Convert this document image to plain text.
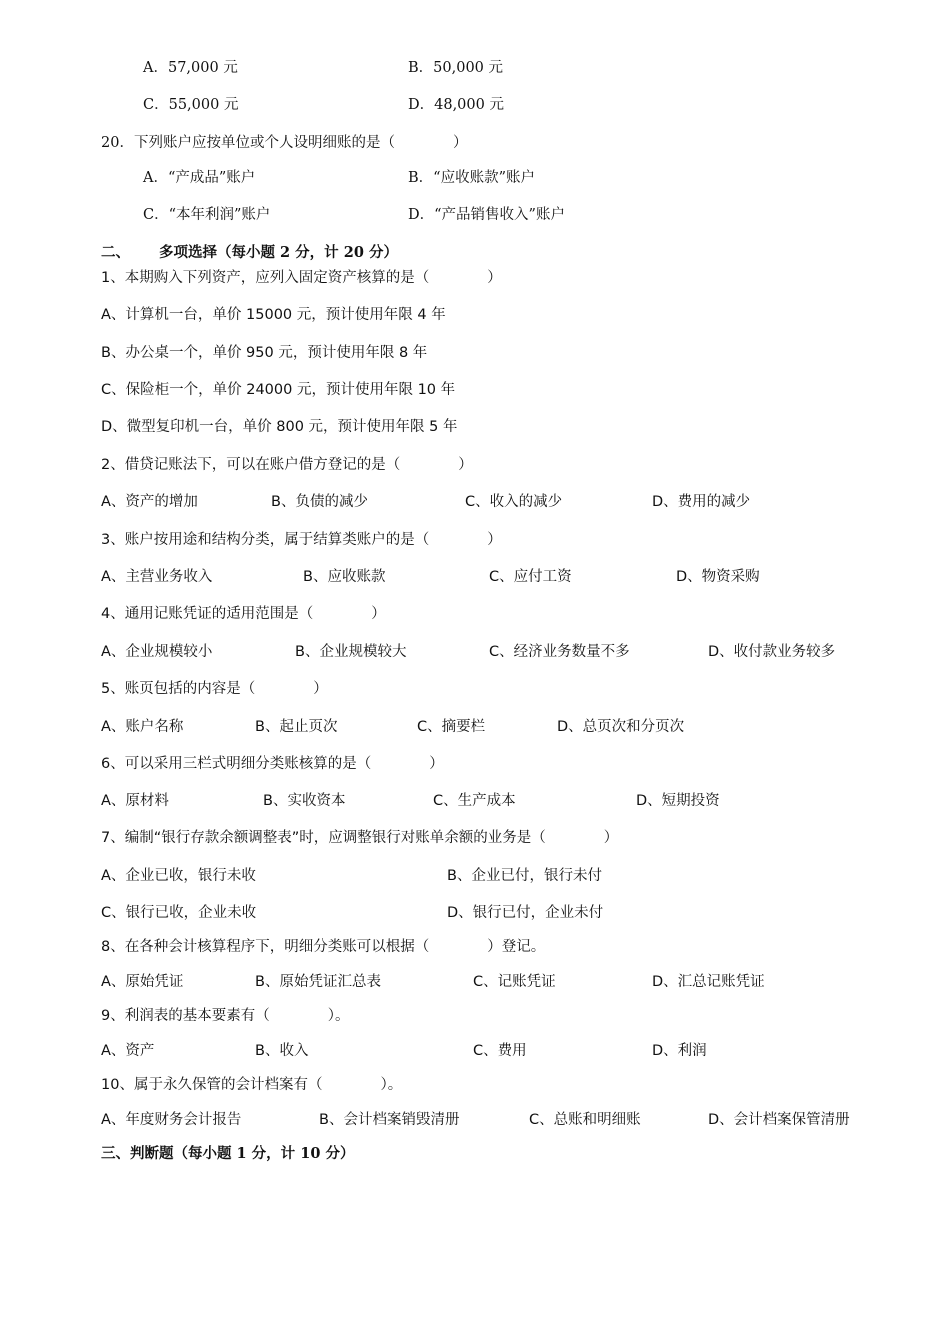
A．57,000 元	B．50,000 元
C．55,000 元	D．48,000 元
20．下列账户应按单位或个人设明细账的是（　　　　）
A．“产成品”账户	B．“应收账款”账户
C．“本年利润”账户	D．“产品销售收入”账户
二、 多项选择（每小题 2 分，计 20 分）
1、本期购入下列资产，应列入固定资产核算的是（　　　　）
A、计算机一台，单价 15000 元，预计使用年限 4 年
B、办公桌一个，单价 950 元，预计使用年限 8 年
C、保险柜一个，单价 24000 元，预计使用年限 10 年
D、微型复印机一台，单价 800 元，预计使用年限 5 年
2、借贷记账法下，可以在账户借方登记的是（　　　　）
A、资产的增加	B、负债的减少	C、收入的减少	D、费用的减少
3、账户按用途和结构分类，属于结算类账户的是（　　　　）
A、主营业务收入	B、应收账款	C、应付工资	D、物资采购
4、通用记账凭证的适用范围是（　　　　）
A、企业规模较小	B、企业规模较大	C、经济业务数量不多	D、收付款业务较多
5、账页包括的内容是（　　　　）
A、账户名称	B、起止页次	C、摘要栏	D、总页次和分页次
6、可以采用三栏式明细分类账核算的是（　　　　）
A、原材料	B、实收资本	C、生产成本	D、短期投资
7、编制“银行存款余额调整表”时，应调整银行对账单余额的业务是（　　　　）
A、企业已收，银行未收	B、企业已付，银行未付
C、银行已收，企业未收	D、银行已付，企业未付
8、在各种会计核算程序下，明细分类账可以根据（　　　　）登记。
A、原始凭证	B、原始凭证汇总表	C、记账凭证	D、汇总记账凭证
9、利润表的基本要素有（　　　　）。
A、资产	B、收入	C、费用	D、利润
10、属于永久保管的会计档案有（　　　　）。
A、年度财务会计报告	B、会计档案销毁清册	C、总账和明细账	D、会计档案保管清册
三、判断题（每小题 1 分，计 10 分）
